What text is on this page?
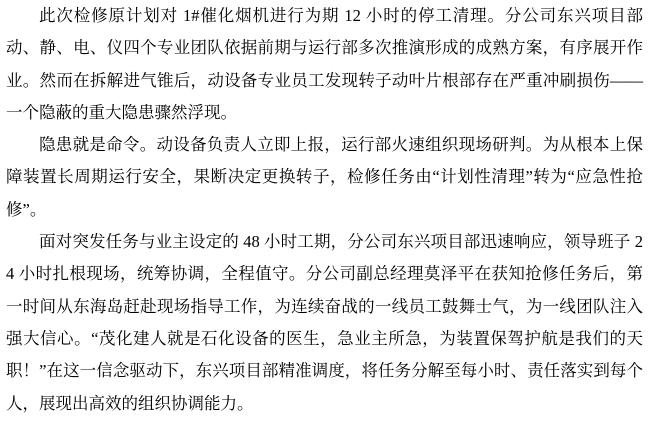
此次检修原计划对 1#催化烟机进行为期 12 小时的停工清理。分公司东兴项目部动、静、电、仪四个专业团队依据前期与运行部多次推演形成的成熟方案，有序展开作业。然而在拆解进气锥后，动设备专业员工发现转子动叶片根部存在严重冲刷损伤——一个隐蔽的重大隐患骤然浮现。

隐患就是命令。动设备负责人立即上报，运行部火速组织现场研判。为从根本上保障装置长周期运行安全，果断决定更换转子，检修任务由“计划性清理”转为“应急性抢修”。

面对突发任务与业主设定的 48 小时工期，分公司东兴项目部迅速响应，领导班子 24 小时扎根现场，统筹协调，全程值守。分公司副总经理莫泽平在获知抢修任务后，第一时间从东海岛赶赴现场指导工作，为连续奋战的一线员工鼓舞士气，为一线团队注入强大信心。“茂化建人就是石化设备的医生，急业主所急，为装置保驾护航是我们的天职！”在这一信念驱动下，东兴项目部精准调度，将任务分解至每小时、责任落实到每个人，展现出高效的组织协调能力。
